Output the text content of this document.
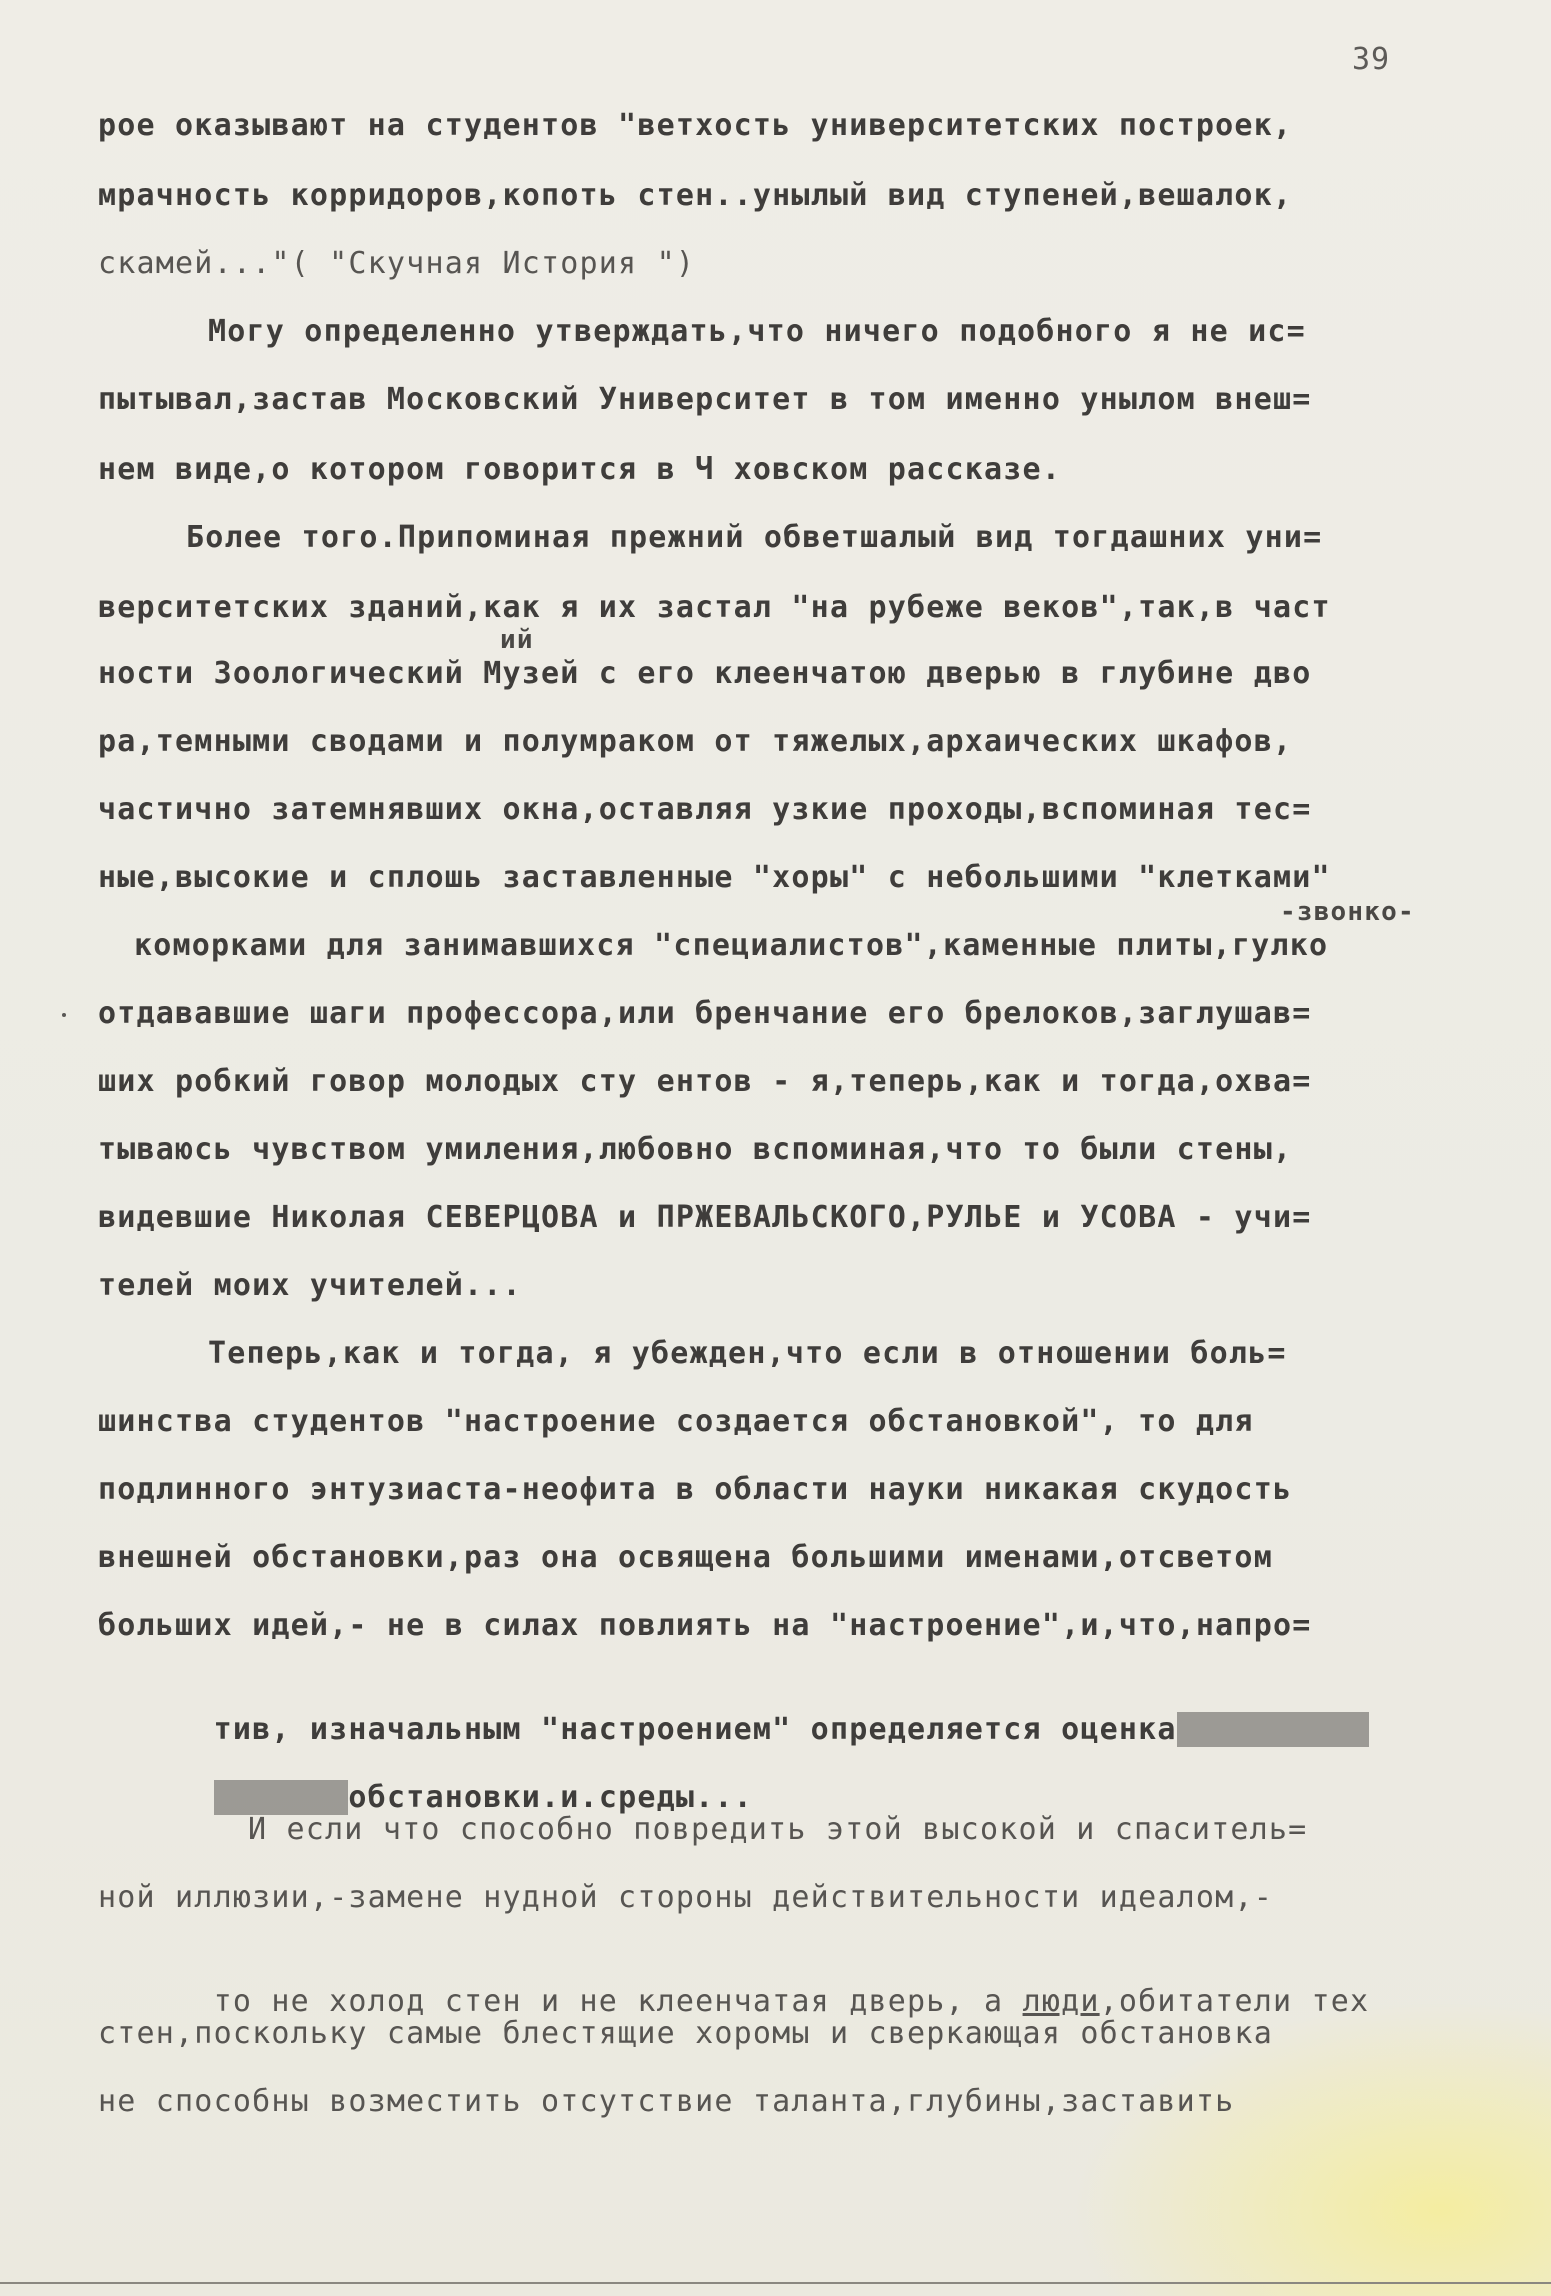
39
рое оказывают на студентов "ветхость университетских построек,
мрачность корридоров,копоть стен..унылый вид ступеней,вешалок,
скамей..."( "Скучная История ")
Могу определенно утверждать,что ничего подобного я не ис=
пытывал,застав Московский Университет в том именно унылом внеш=
нем виде,о котором говорится в Ч ховском рассказе.
Более того.Припоминая прежний обветшалый вид тогдашних уни=
верситетских зданий,как я их застал "на рубеже веков",так,в част
ий
ности Зоологический Музей с его клеенчатою дверью в глубине дво
ра,темными сводами и полумраком от тяжелых,архаических шкафов,
частично затемнявших окна,оставляя узкие проходы,вспоминая тес=
ные,высокие и сплошь заставленные "хоры" с небольшими "клетками"
-звонко-
коморками для занимавшихся "специалистов",каменные плиты,гулко
отдававшие шаги профессора,или бренчание его брелоков,заглушав=
ших робкий говор молодых сту ентов - я,теперь,как и тогда,охва=
тываюсь чувством умиления,любовно вспоминая,что то были стены,
видевшие Николая СЕВЕРЦОВА и ПРЖЕВАЛЬСКОГО,РУЛЬЕ и УСОВА - учи=
телей моих учителей...
Теперь,как и тогда, я убежден,что если в отношении боль=
шинства студентов "настроение создается обстановкой", то для
подлинного энтузиаста-неофита в области науки никакая скудость
внешней обстановки,раз она освящена большими именами,отсветом
больших идей,- не в силах повлиять на "настроение",и,что,напро=

тив, изначальным "настроением" определяется оценка

обстановки.и.среды...

И если что способно повредить этой высокой и спаситель=
ной иллюзии,-замене нудной стороны действительности идеалом,-

то не холод стен и не клеенчатая дверь, а люди,обитатели тех

стен,поскольку самые блестящие хоромы и сверкающая обстановка
не способны возместить отсутствие таланта,глубины,заставить
